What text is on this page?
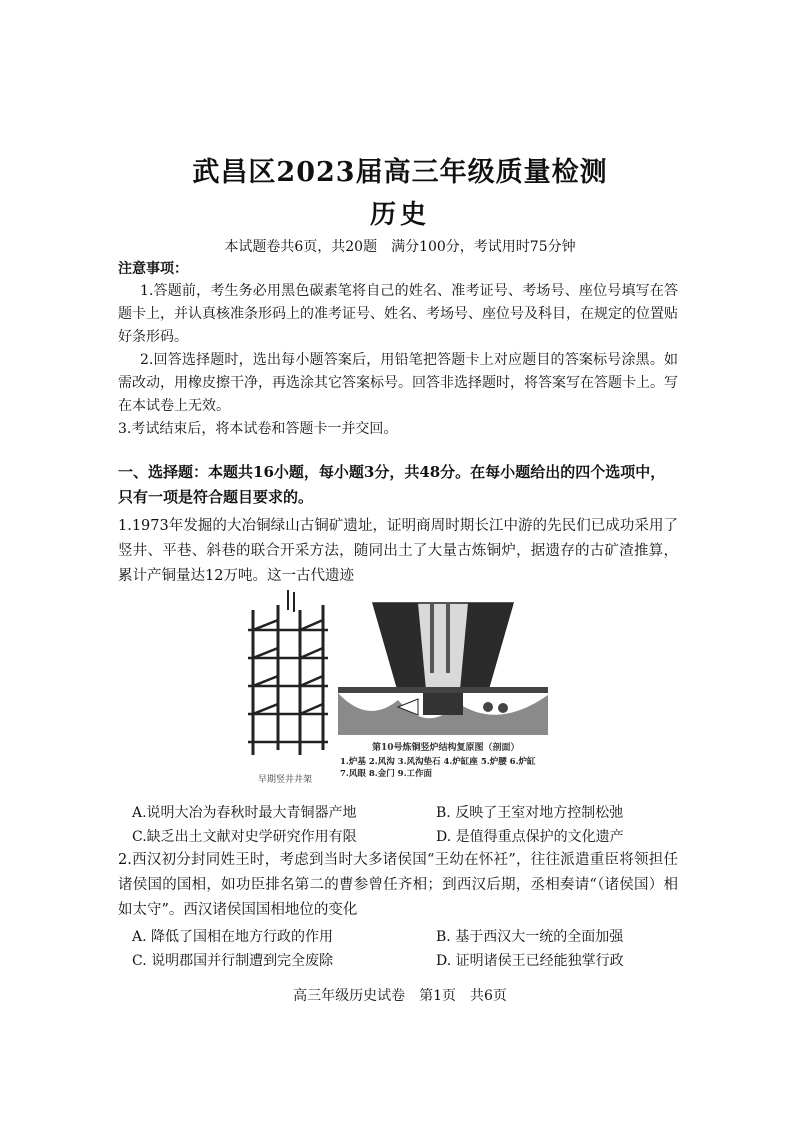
武昌区2023届高三年级质量检测
历史
本试题卷共6页，共20题　满分100分，考试用时75分钟
注意事项：
1.答题前，考生务必用黑色碳素笔将自己的姓名、准考证号、考场号、座位号填写在答题卡上，并认真核准条形码上的准考证号、姓名、考场号、座位号及科目，在规定的位置贴好条形码。
2.回答选择题时，选出每小题答案后，用铅笔把答题卡上对应题目的答案标号涂黑。如需改动，用橡皮擦干净，再选涂其它答案标号。回答非选择题时，将答案写在答题卡上。写在本试卷上无效。
3.考试结束后，将本试卷和答题卡一并交回。
一、选择题：本题共16小题，每小题3分，共48分。在每小题给出的四个选项中，只有一项是符合题目要求的。
1.1973年发掘的大冶铜绿山古铜矿遗址，证明商周时期长江中游的先民们已成功采用了竖井、平巷、斜巷的联合开采方法，随同出土了大量古炼铜炉，据遗存的古矿渣推算，累计产铜量达12万吨。这一古代遗迹
早期竖井井架
第10号炼铜竖炉结构复原图（剖面）
1.炉基 2.风沟 3.风沟垫石 4.炉缸座 5.炉腰 6.炉缸 7.风眼 8.金门 9.工作面
A.说明大冶为春秋时最大青铜器产地	B. 反映了王室对地方控制松弛
C.缺乏出土文献对史学研究作用有限	D. 是值得重点保护的文化遗产
2.西汉初分封同姓王时，考虑到当时大多诸侯国“王幼在怀衽”，往往派遣重臣将领担任诸侯国的国相，如功臣排名第二的曹参曾任齐相；到西汉后期，丞相奏请“（诸侯国）相如太守”。西汉诸侯国国相地位的变化
A. 降低了国相在地方行政的作用	B. 基于西汉大一统的全面加强
C. 说明郡国并行制遭到完全废除	D. 证明诸侯王已经能独掌行政
高三年级历史试卷　第1页　共6页
